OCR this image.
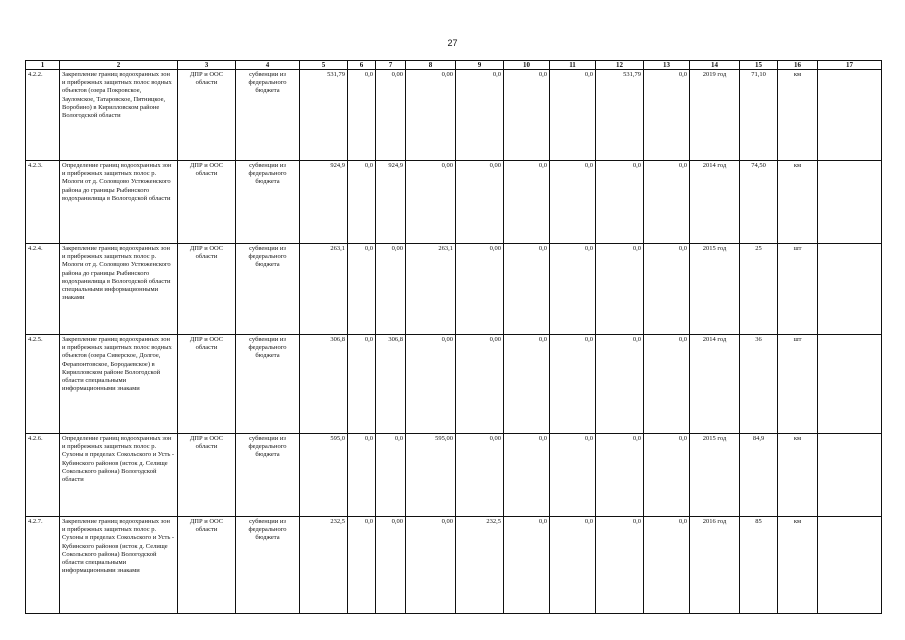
27
1	2	3	4	5	6	7	8	9	10	11	12	13	14	15	16	17
4.2.2.	Закрепление границ водоохранных зон и прибрежных защитных полос водных объектов (озера Покровское, Зауломское, Татаровское, Пятницкое, Воробино) в Кирилловском районе Вологодской области	ДПР и ООС области	субвенции из федерального бюджета	531,79	0,0	0,00	0,00	0,0	0,0	0,0	531,79	0,0	2019 год	71,10	км	
4.2.3.	Определение границ водоохранных зон и прибрежных защитных полос р. Мологи от д. Соловцово Устюженского района до границы Рыбинского водохранилища в Вологодской области	ДПР и ООС области	субвенции из федерального бюджета	924,9	0,0	924,9	0,00	0,00	0,0	0,0	0,0	0,0	2014 год	74,50	км	
4.2.4.	Закрепление границ водоохранных зон и прибрежных защитных полос р. Мологи от д. Соловцово Устюженского района до границы Рыбинского водохранилища в Вологодской области специальными информационными знаками	ДПР и ООС области	субвенции из федерального бюджета	263,1	0,0	0,00	263,1	0,00	0,0	0,0	0,0	0,0	2015 год	25	шт	
4.2.5.	Закрепление границ водоохранных зон и прибрежных защитных полос водных объектов (озера Сиверское, Долгое, Ферапонтовское, Бородаевское) в Кирилловском районе Вологодской области специальными информационными знаками	ДПР и ООС области	субвенции из федерального бюджета	306,8	0,0	306,8	0,00	0,00	0,0	0,0	0,0	0,0	2014 год	36	шт	
4.2.6.	Определение границ водоохранных зон и прибрежных защитных полос р. Сухоны в пределах Сокольского и Усть - Кубинского районов (исток д. Селище Сокольского района) Вологодской области	ДПР и ООС области	субвенции из федерального бюджета	595,0	0,0	0,0	595,00	0,00	0,0	0,0	0,0	0,0	2015 год	84,9	км	
4.2.7.	Закрепление границ водоохранных зон и прибрежных защитных полос р. Сухоны в пределах Сокольского и Усть - Кубинского районов (исток д. Селище Сокольского района) Вологодской области специальными информационными знаками	ДПР и ООС области	субвенции из федерального бюджета	232,5	0,0	0,00	0,00	232,5	0,0	0,0	0,0	0,0	2016 год	85	км	
